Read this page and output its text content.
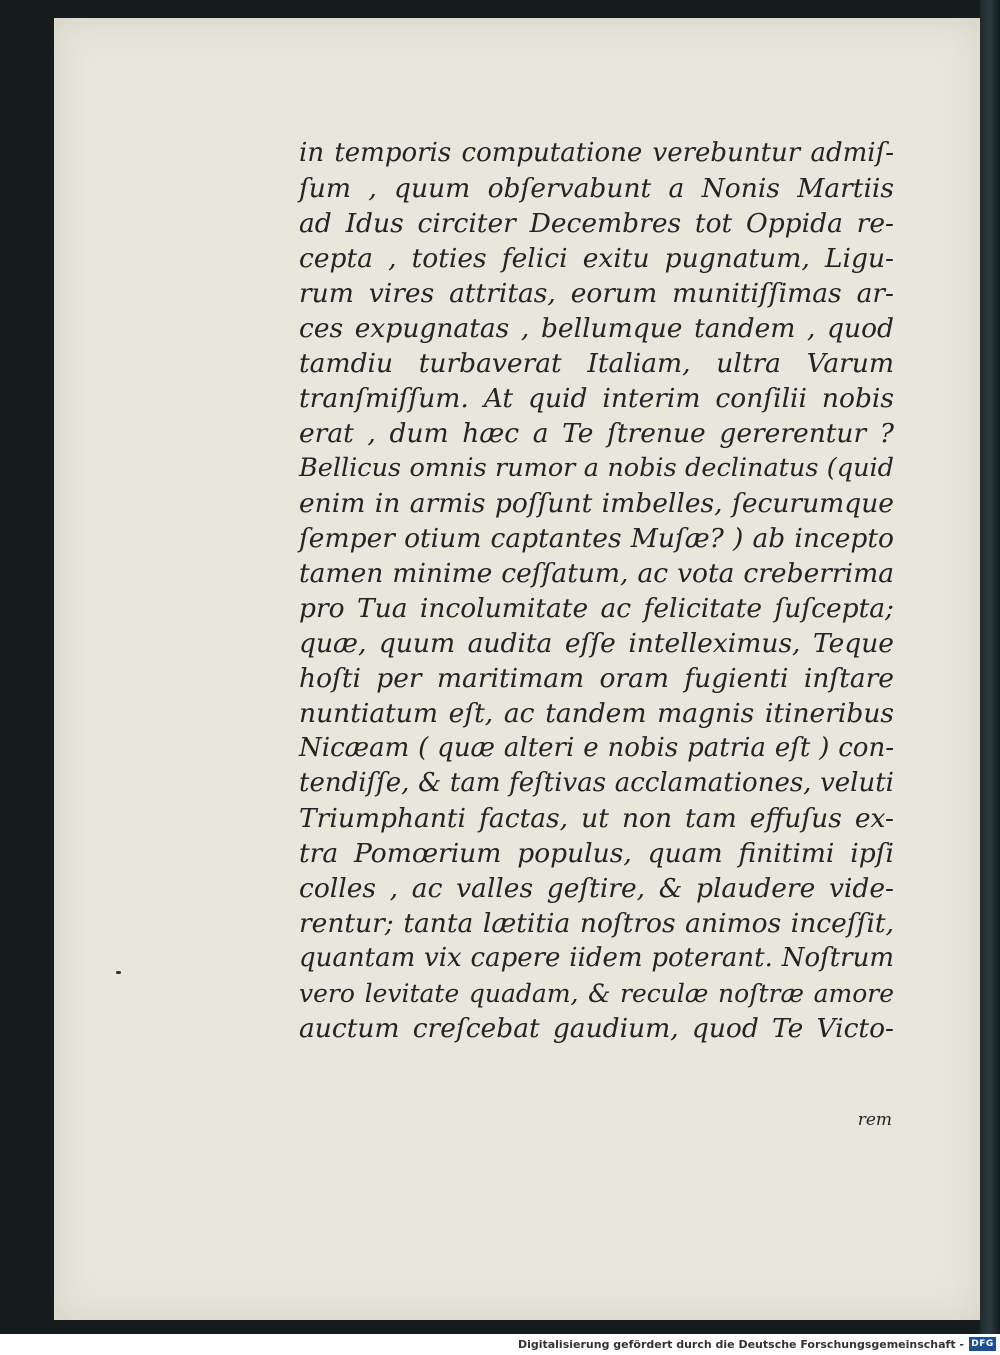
in temporis computatione verebuntur admiſ-
ſum , quum obſervabunt a Nonis Martiis
ad Idus circiter Decembres tot Oppida re-
cepta , toties felici exitu pugnatum, Ligu-
rum vires attritas, eorum munitiſſimas ar-
ces expugnatas , bellumque tandem , quod
tamdiu turbaverat Italiam, ultra Varum
tranſmiſſum. At quid interim conſilii nobis
erat , dum hæc a Te ſtrenue gererentur ?
Bellicus omnis rumor a nobis declinatus (quid
enim in armis poſſunt imbelles, ſecurumque
ſemper otium captantes Muſæ? ) ab incepto
tamen minime ceſſatum, ac vota creberrima
pro Tua incolumitate ac felicitate ſuſcepta;
quæ, quum audita eſſe intelleximus, Teque
hoſti per maritimam oram fugienti inſtare
nuntiatum eſt, ac tandem magnis itineribus
Nicæam ( quæ alteri e nobis patria eſt ) con-
tendiſſe, & tam feſtivas acclamationes, veluti
Triumphanti factas, ut non tam effuſus ex-
tra Pomœrium populus, quam finitimi ipſi
colles , ac valles geſtire, & plaudere vide-
rentur; tanta lætitia noſtros animos inceſſit,
quantam vix capere iidem poterant. Noſtrum
vero levitate quadam, & reculæ noſtræ amore
auctum creſcebat gaudium, quod Te Victo-
rem
Digitalisierung gefördert durch die Deutsche Forschungsgemeinschaft - DFG
